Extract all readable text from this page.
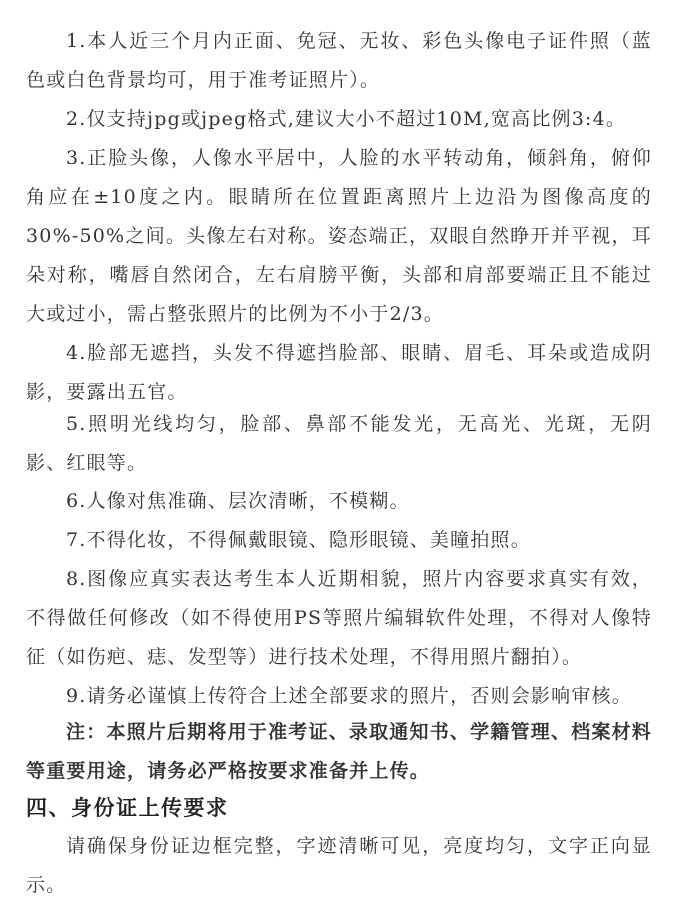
1.本人近三个月内正面、免冠、无妆、彩色头像电子证件照（蓝色或白色背景均可，用于准考证照片）。

2.仅支持jpg或jpeg格式,建议大小不超过10M,宽高比例3:4。

3.正脸头像，人像水平居中，人脸的水平转动角，倾斜角，俯仰角应在±10度之内。眼睛所在位置距离照片上边沿为图像高度的30%-50%之间。头像左右对称。姿态端正，双眼自然睁开并平视，耳朵对称，嘴唇自然闭合，左右肩膀平衡，头部和肩部要端正且不能过大或过小，需占整张照片的比例为不小于2/3。

4.脸部无遮挡，头发不得遮挡脸部、眼睛、眉毛、耳朵或造成阴影，要露出五官。

5.照明光线均匀，脸部、鼻部不能发光，无高光、光斑，无阴影、红眼等。

6.人像对焦准确、层次清晰，不模糊。

7.不得化妆，不得佩戴眼镜、隐形眼镜、美瞳拍照。

8.图像应真实表达考生本人近期相貌，照片内容要求真实有效，不得做任何修改（如不得使用PS等照片编辑软件处理，不得对人像特征（如伤疤、痣、发型等）进行技术处理，不得用照片翻拍）。

9.请务必谨慎上传符合上述全部要求的照片，否则会影响审核。

注：本照片后期将用于准考证、录取通知书、学籍管理、档案材料等重要用途，请务必严格按要求准备并上传。

四、身份证上传要求

请确保身份证边框完整，字迹清晰可见，亮度均匀，文字正向显示。
